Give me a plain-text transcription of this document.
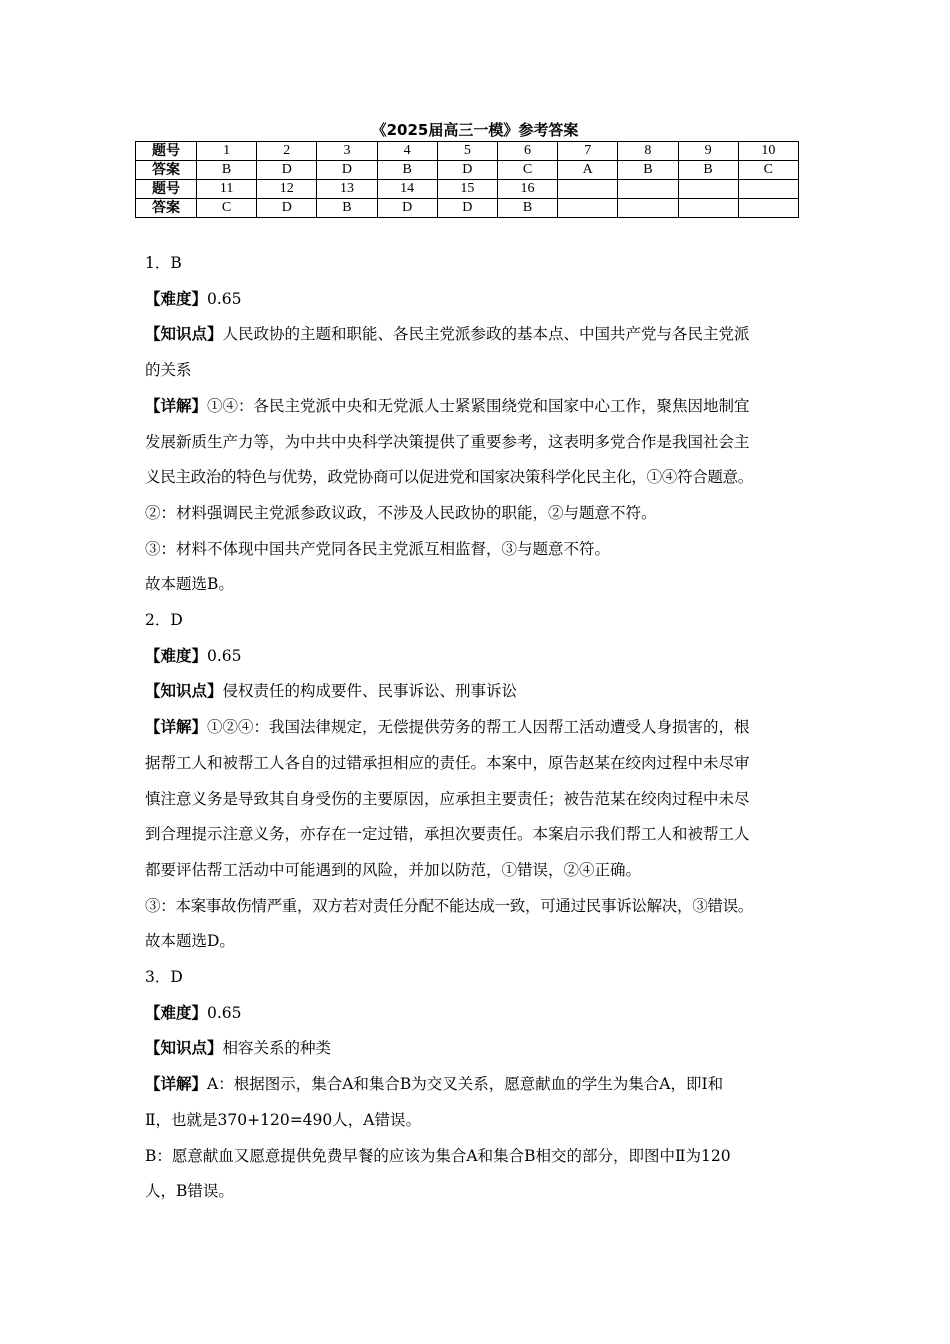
《2025届高三一模》参考答案
题号	1	2	3	4	5	6	7	8	9	10
答案	B	D	D	B	D	C	A	B	B	C
题号	11	12	13	14	15	16				
答案	C	D	B	D	D	B				

1．B

【难度】0.65

【知识点】人民政协的主题和职能、各民主党派参政的基本点、中国共产党与各民主党派

的关系

【详解】①④：各民主党派中央和无党派人士紧紧围绕党和国家中心工作，聚焦因地制宜

发展新质生产力等，为中共中央科学决策提供了重要参考，这表明多党合作是我国社会主

义民主政治的特色与优势，政党协商可以促进党和国家决策科学化民主化，①④符合题意。

②：材料强调民主党派参政议政，不涉及人民政协的职能，②与题意不符。

③：材料不体现中国共产党同各民主党派互相监督，③与题意不符。

故本题选B。

2．D

【难度】0.65

【知识点】侵权责任的构成要件、民事诉讼、刑事诉讼

【详解】①②④：我国法律规定，无偿提供劳务的帮工人因帮工活动遭受人身损害的，根

据帮工人和被帮工人各自的过错承担相应的责任。本案中，原告赵某在绞肉过程中未尽审

慎注意义务是导致其自身受伤的主要原因，应承担主要责任；被告范某在绞肉过程中未尽

到合理提示注意义务，亦存在一定过错，承担次要责任。本案启示我们帮工人和被帮工人

都要评估帮工活动中可能遇到的风险，并加以防范，①错误，②④正确。

③：本案事故伤情严重，双方若对责任分配不能达成一致，可通过民事诉讼解决，③错误。

故本题选D。

3．D

【难度】0.65

【知识点】相容关系的种类

【详解】A：根据图示，集合A和集合B为交叉关系，愿意献血的学生为集合A，即Ⅰ和

Ⅱ，也就是370+120=490人，A错误。

B：愿意献血又愿意提供免费早餐的应该为集合A和集合B相交的部分，即图中Ⅱ为120

人，B错误。
